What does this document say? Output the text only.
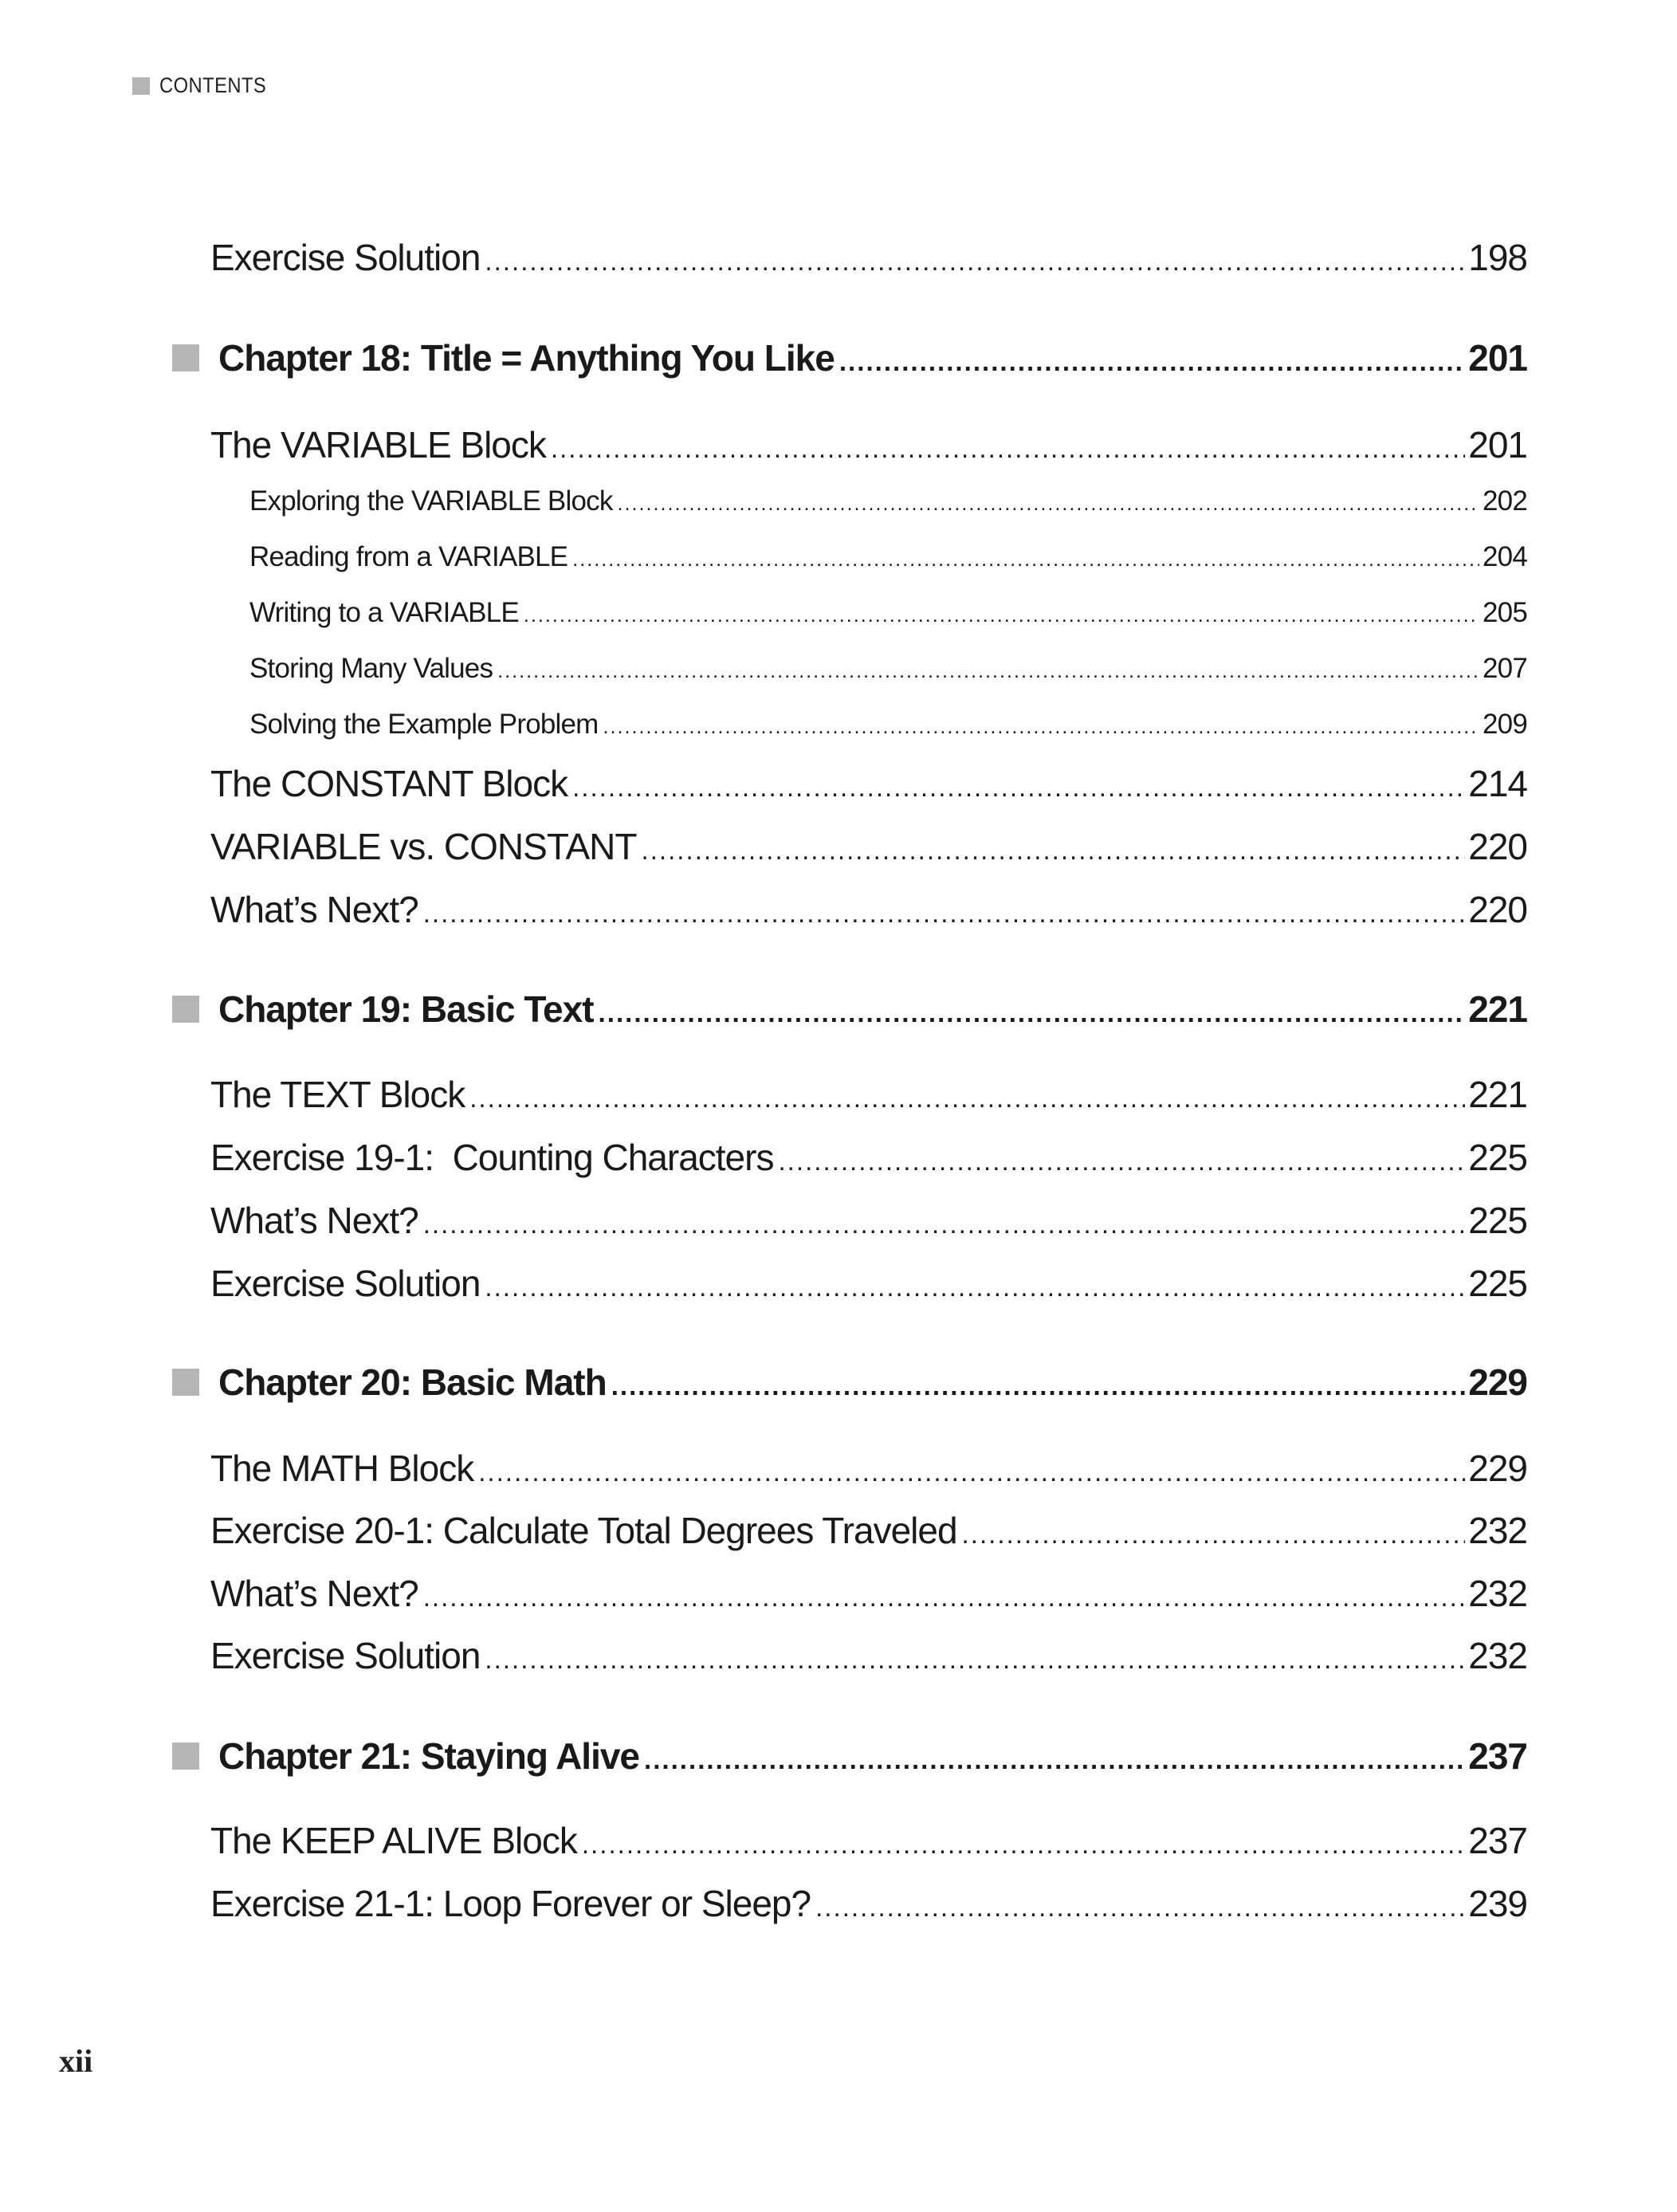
CONTENTS
Exercise Solution .....	198
Chapter 18: Title = Anything You Like .....	201
The VARIABLE Block .....	201
Exploring the VARIABLE Block .....	202
Reading from a VARIABLE .....	204
Writing to a VARIABLE .....	205
Storing Many Values .....	207
Solving the Example Problem .....	209
The CONSTANT Block .....	214
VARIABLE vs. CONSTANT .....	220
What’s Next? .....	220
Chapter 19: Basic Text .....	221
The TEXT Block .....	221
Exercise 19-1:  Counting Characters .....	225
What’s Next? .....	225
Exercise Solution .....	225
Chapter 20: Basic Math .....	229
The MATH Block .....	229
Exercise 20-1: Calculate Total Degrees Traveled .....	232
What’s Next? .....	232
Exercise Solution .....	232
Chapter 21: Staying Alive .....	237
The KEEP ALIVE Block .....	237
Exercise 21-1: Loop Forever or Sleep? .....	239
xii
